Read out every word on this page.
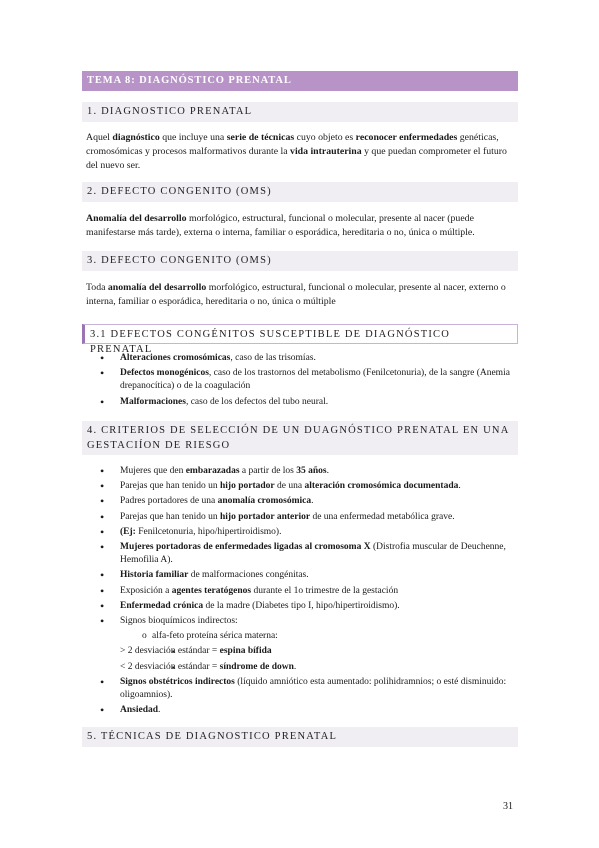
TEMA 8: DIAGNÓSTICO PRENATAL
1. DIAGNOSTICO PRENATAL

Aquel diagnóstico que incluye una serie de técnicas cuyo objeto es reconocer enfermedades genéticas, cromosómicas y procesos malformativos durante la vida intrauterina y que puedan comprometer el futuro del nuevo ser.

2. DEFECTO CONGENITO (OMS)

Anomalía del desarrollo morfológico, estructural, funcional o molecular, presente al nacer (puede manifestarse más tarde), externa o interna, familiar o esporádica, hereditaria o no, única o múltiple.

3. DEFECTO CONGENITO (OMS)

Toda anomalía del desarrollo morfológico, estructural, funcional o molecular, presente al nacer, externo o interna, familiar o esporádica, hereditaria o no, única o múltiple

3.1 DEFECTOS CONGÉNITOS SUSCEPTIBLE DE DIAGNÓSTICO PRENATAL
• Alteraciones cromosómicas, caso de las trisomías.
• Defectos monogénicos, caso de los trastornos del metabolismo (Fenilcetonuria), de la sangre (Anemia drepanocítica) o de la coagulación
• Malformaciones, caso de los defectos del tubo neural.
4. CRITERIOS DE SELECCIÓN DE UN DUAGNÓSTICO PRENATAL EN UNA GESTACIÍON DE RIESGO
• Mujeres que den embarazadas a partir de los 35 años.
• Parejas que han tenido un hijo portador de una alteración cromosómica documentada.
• Padres portadores de una anomalía cromosómica.
• Parejas que han tenido un hijo portador anterior de una enfermedad metabólica grave.
• (Ej: Fenilcetonuria, hipo/hipertiroidismo).
• Mujeres portadoras de enfermedades ligadas al cromosoma X (Distrofia muscular de Deuchenne, Hemofilia A).
• Historia familiar de malformaciones congénitas.
• Exposición a agentes teratógenos durante el 1o trimestre de la gestación
• Enfermedad crónica de la madre (Diabetes tipo I, hipo/hipertiroidismo).
• Signos bioquímicos indirectos:
o alfa-feto proteína sérica materna:
▪ > 2 desviación estándar = espina bífida
▪ < 2 desviación estándar = síndrome de down.
• Signos obstétricos indirectos (líquido amniótico esta aumentado: polihidramnios; o esté disminuido: oligoamnios).
• Ansiedad.
5. TÉCNICAS DE DIAGNOSTICO PRENATAL
31
